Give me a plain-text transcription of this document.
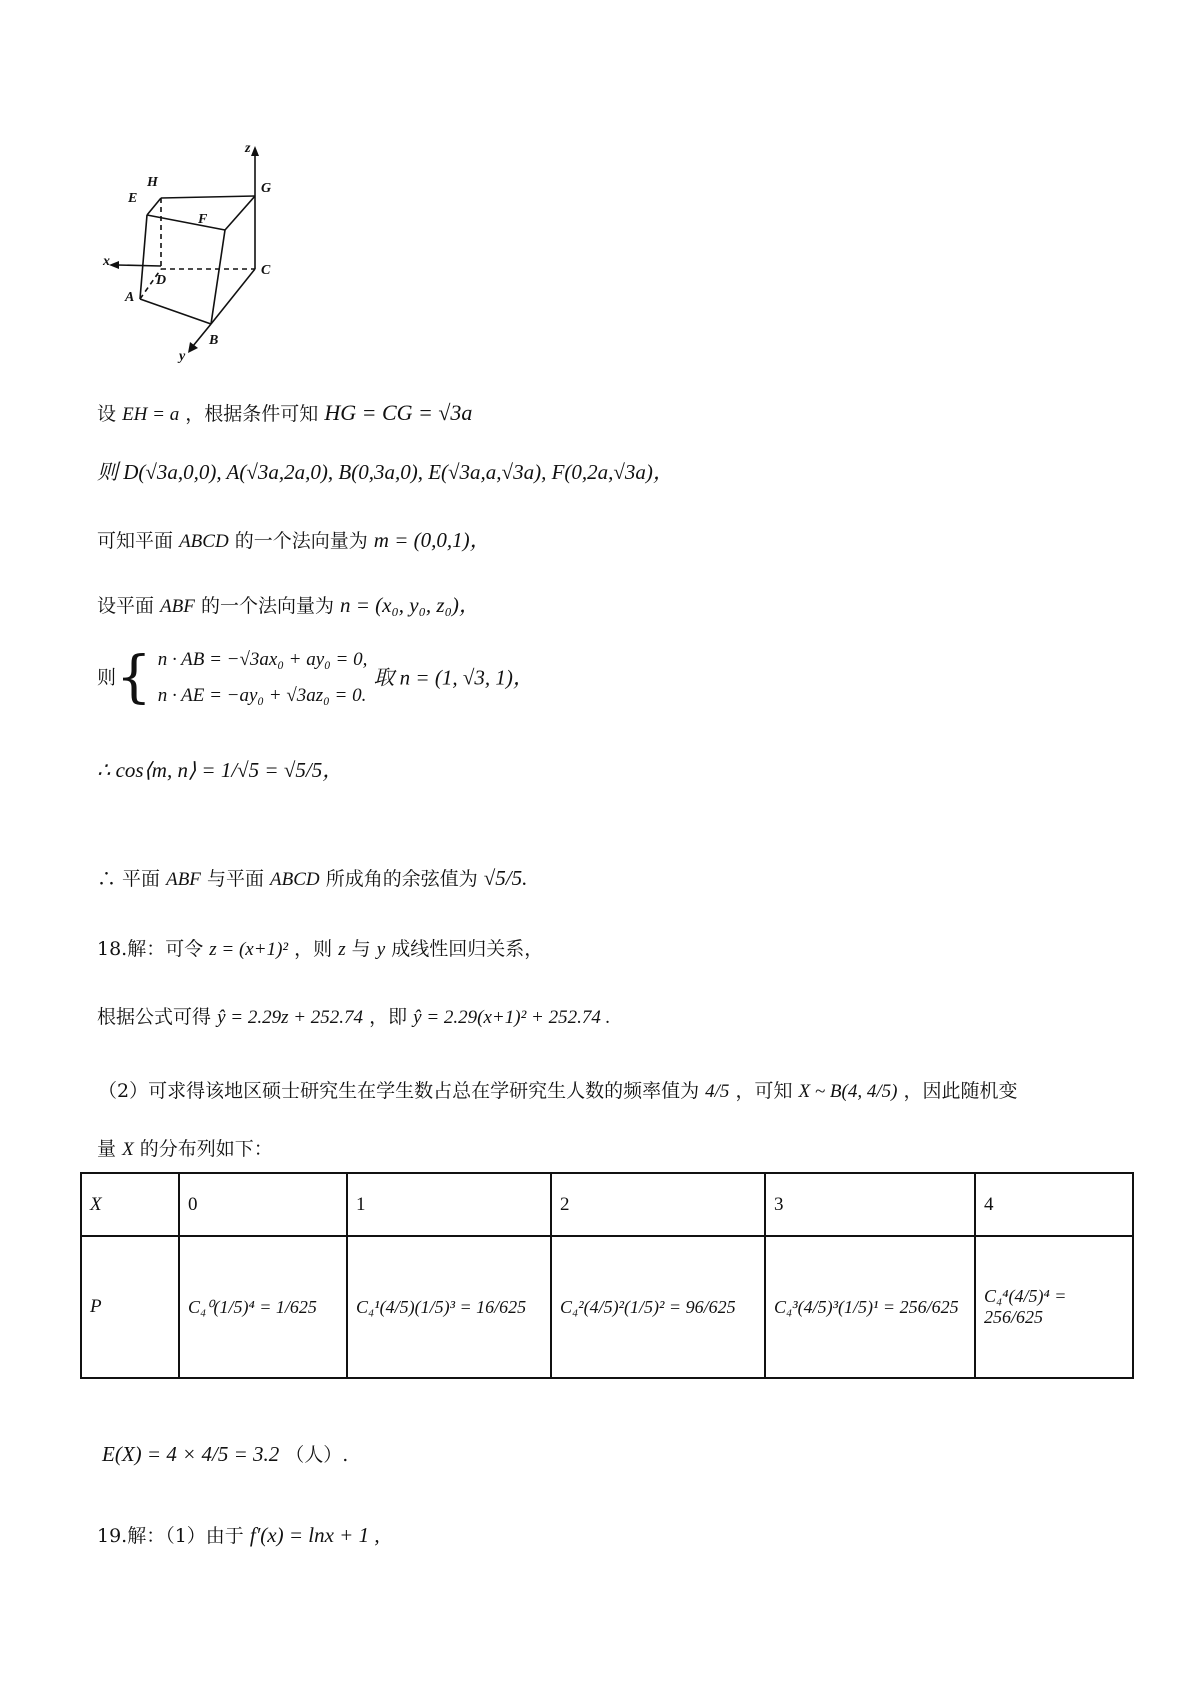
z
x
y
H	G
E
F
D
C
A
B
设 EH = a ，根据条件可知 HG = CG = √3a
则 D(√3a,0,0), A(√3a,2a,0), B(0,3a,0), E(√3a,a,√3a), F(0,2a,√3a)，
可知平面 ABCD 的一个法向量为 m = (0,0,1)，
设平面 ABF 的一个法向量为 n = (x₀, y₀, z₀)，
则{ n · AB = −√3ax₀ + ay₀ = 0,
n · AE = −ay₀ + √3az₀ = 0.
取 n = (1, √3, 1)，
∴ cos⟨m, n⟩ = 1/√5 = √5/5，
∴ 平面 ABF 与平面 ABCD 所成角的余弦值为 √5/5.
18.解：可令 z = (x+1)² ，则 z 与 y 成线性回归关系，
根据公式可得 ŷ = 2.29z + 252.74 ，即 ŷ = 2.29(x+1)² + 252.74 .
（2）可求得该地区硕士研究生在学生数占总在学研究生人数的频率值为 4/5 ，可知 X ~ B(4, 4/5) ，因此随机变
量 X 的分布列如下：
X	0	1	2	3	4
P	C₄⁰(1/5)⁴ = 1/625	C₄¹(4/5)(1/5)³ = 16/625	C₄²(4/5)²(1/5)² = 96/625	C₄³(4/5)³(1/5)¹ = 256/625	C₄⁴(4/5)⁴ = 256/625
E(X) = 4 × 4/5 = 3.2 （人）.
19.解：（1）由于 f′(x) = lnx + 1 ,
